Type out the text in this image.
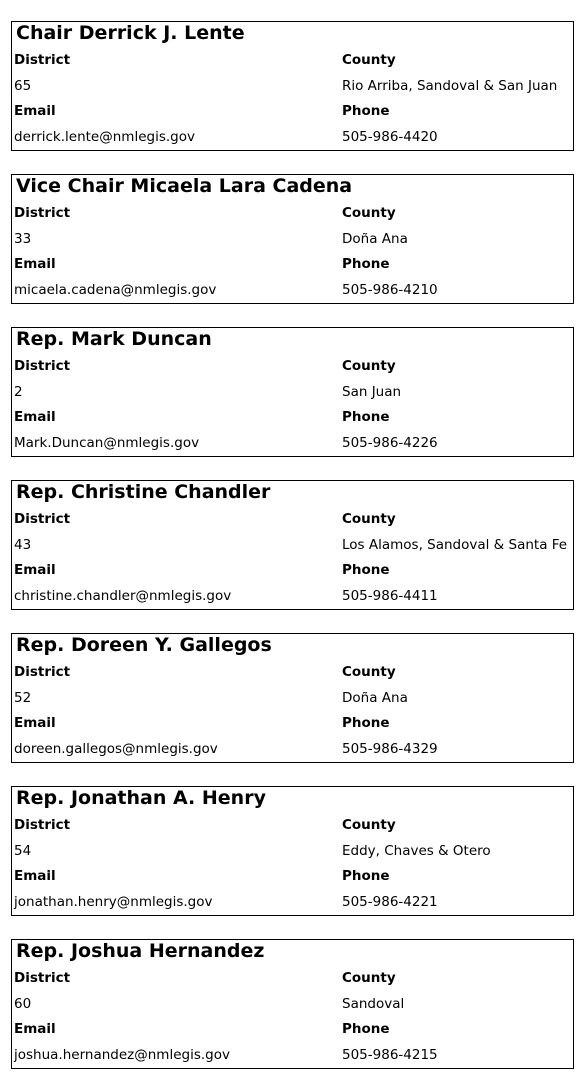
Chair Derrick J. Lente
District	County
65	Rio Arriba, Sandoval & San Juan
Email	Phone
derrick.lente@nmlegis.gov	505-986-4420
Vice Chair Micaela Lara Cadena
District	County
33	Doña Ana
Email	Phone
micaela.cadena@nmlegis.gov	505-986-4210
Rep. Mark Duncan
District	County
2	San Juan
Email	Phone
Mark.Duncan@nmlegis.gov	505-986-4226
Rep. Christine Chandler
District	County
43	Los Alamos, Sandoval & Santa Fe
Email	Phone
christine.chandler@nmlegis.gov	505-986-4411
Rep. Doreen Y. Gallegos
District	County
52	Doña Ana
Email	Phone
doreen.gallegos@nmlegis.gov	505-986-4329
Rep. Jonathan A. Henry
District	County
54	Eddy, Chaves & Otero
Email	Phone
jonathan.henry@nmlegis.gov	505-986-4221
Rep. Joshua Hernandez
District	County
60	Sandoval
Email	Phone
joshua.hernandez@nmlegis.gov	505-986-4215
